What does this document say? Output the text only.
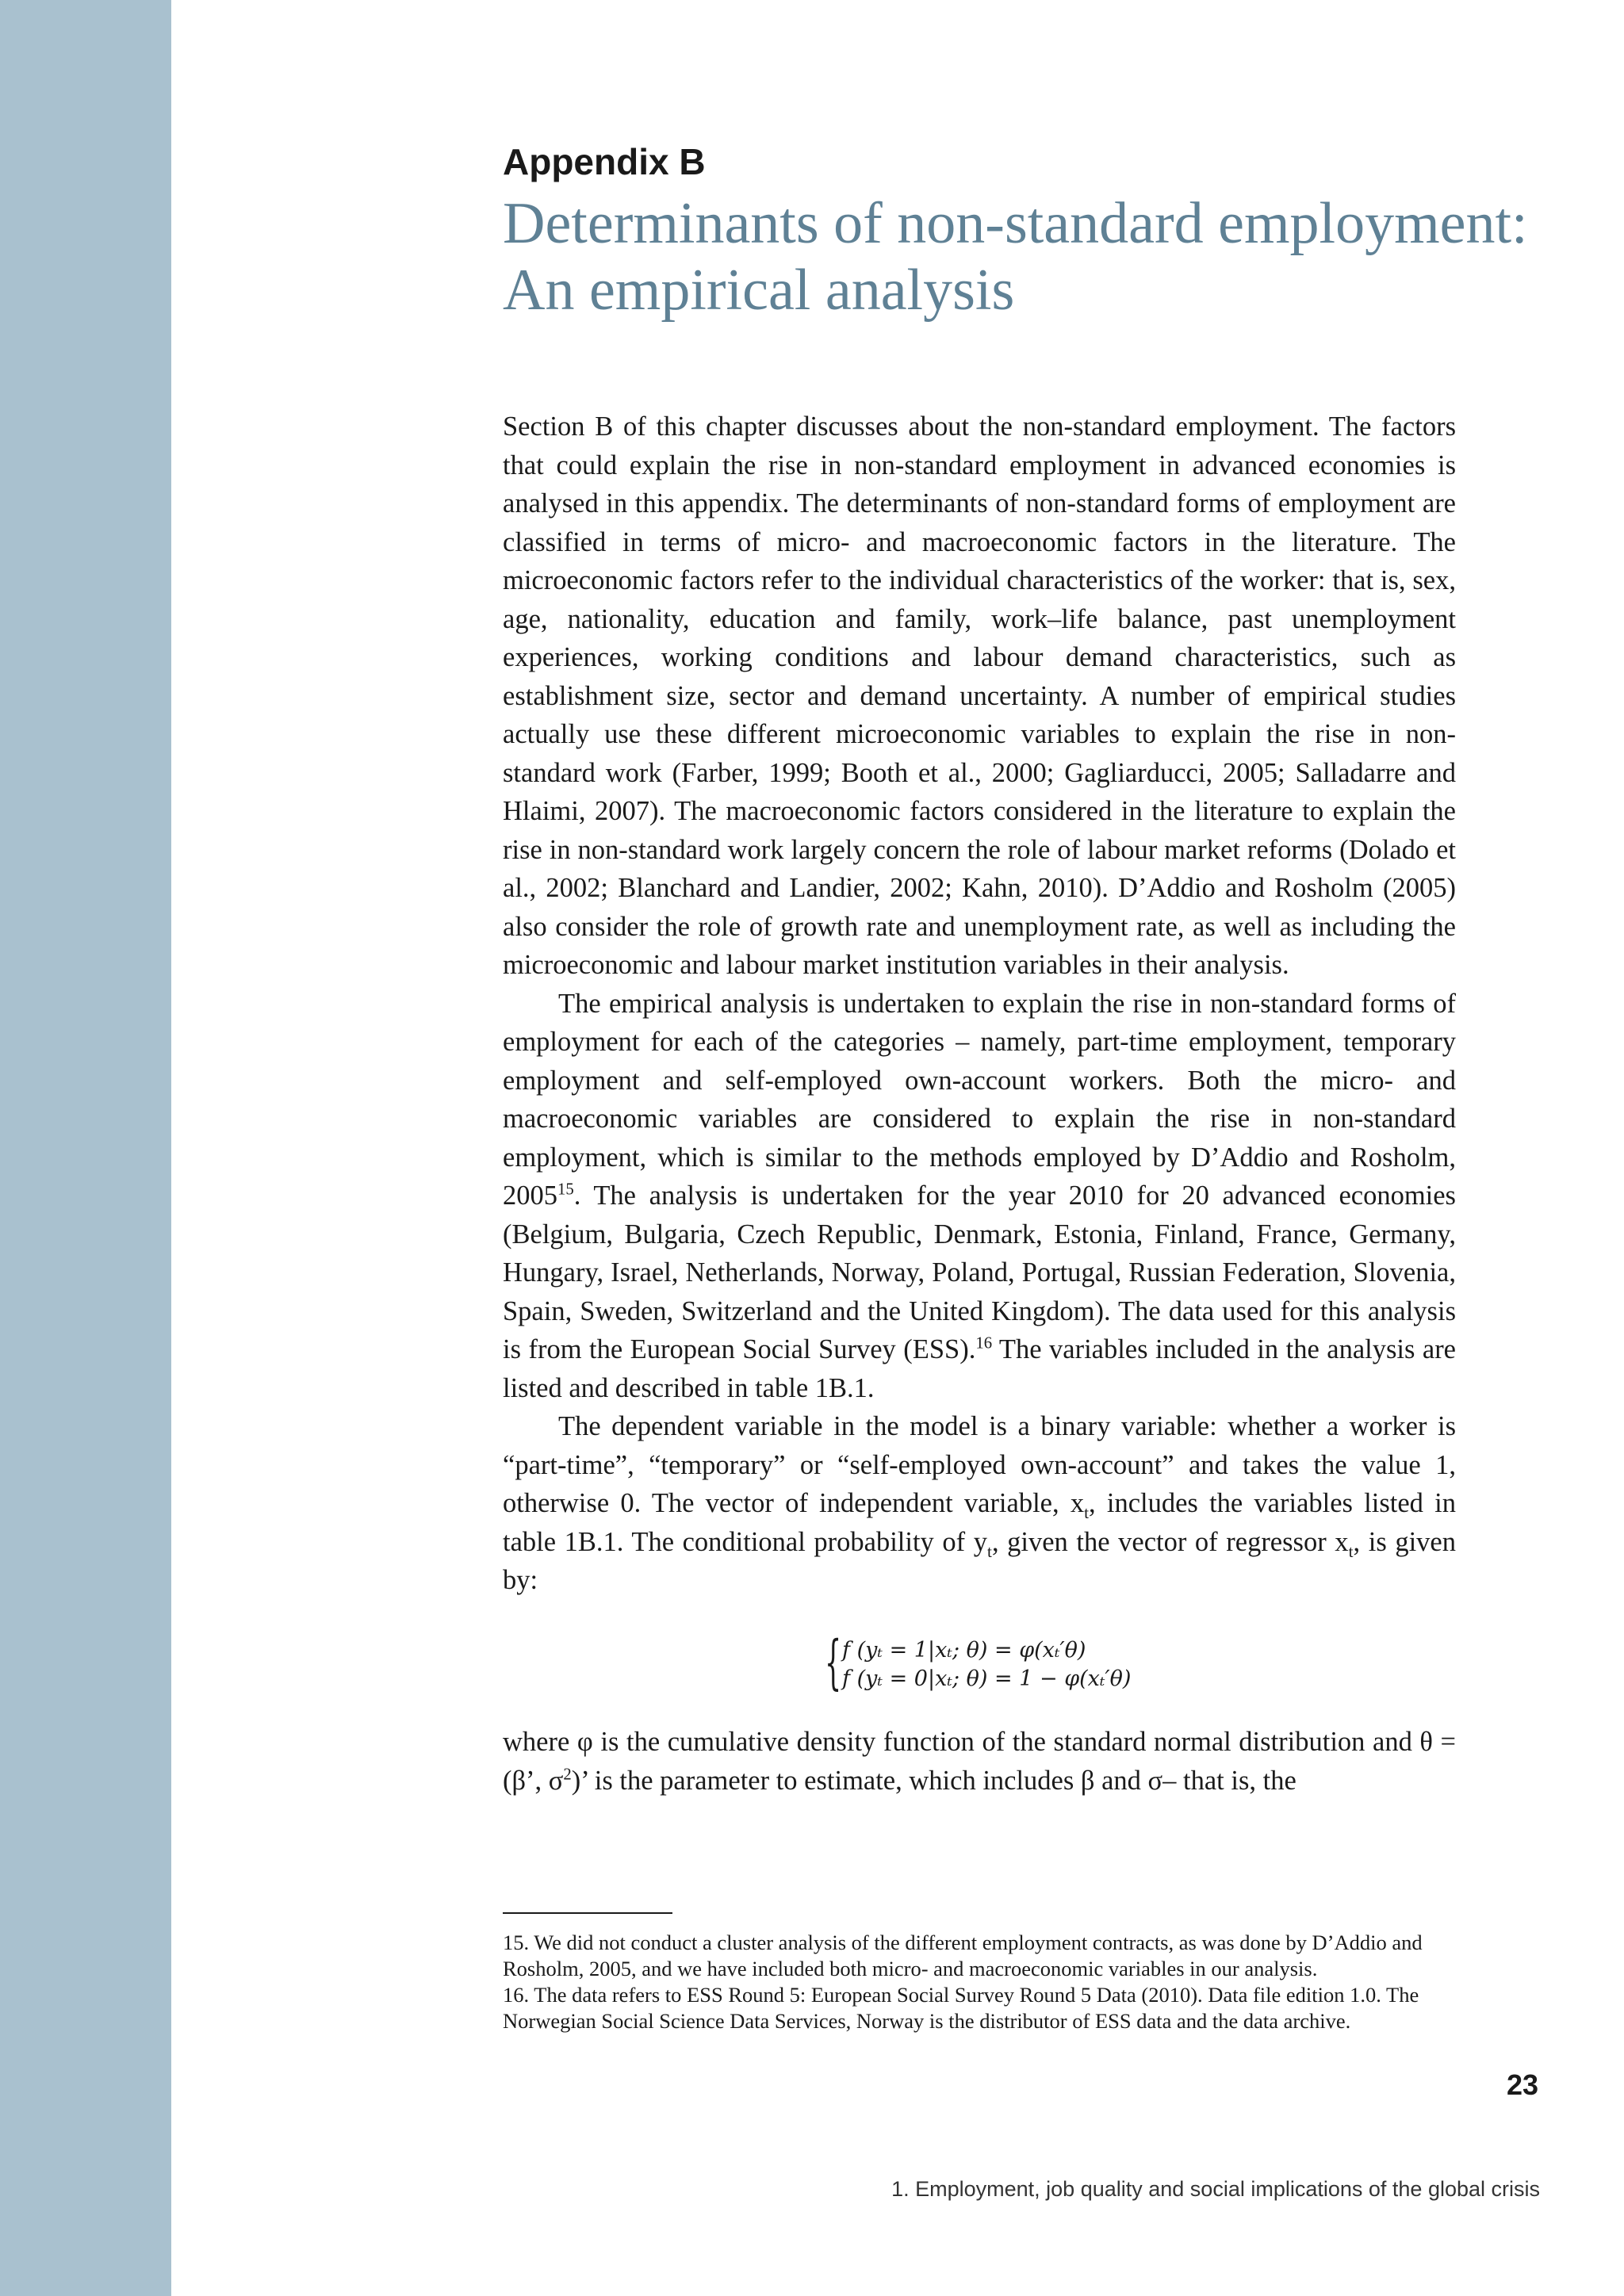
Appendix B
Determinants of non-standard employment:
An empirical analysis

Section B of this chapter discusses about the non-standard employment. The factors that could explain the rise in non-standard employment in advanced economies is analysed in this appendix. The determinants of non-standard forms of employment are classified in terms of micro- and macroeconomic factors in the literature. The microeconomic factors refer to the individual characteristics of the worker: that is, sex, age, nationality, education and family, work–life balance, past unemployment experiences, working conditions and labour demand characteristics, such as establishment size, sector and demand uncertainty. A number of empirical studies actually use these different microeconomic variables to explain the rise in non-standard work (Farber, 1999; Booth et al., 2000; Gagliarducci, 2005; Salladarre and Hlaimi, 2007). The macroeconomic factors considered in the literature to explain the rise in non-standard work largely concern the role of labour market reforms (Dolado et al., 2002; Blanchard and Landier, 2002; Kahn, 2010). D’Addio and Rosholm (2005) also consider the role of growth rate and unemployment rate, as well as including the microeconomic and labour market institution variables in their analysis.

The empirical analysis is undertaken to explain the rise in non-standard forms of employment for each of the categories – namely, part-time employment, temporary employment and self-employed own-account workers. Both the micro- and macroeconomic variables are considered to explain the rise in non-standard employment, which is similar to the methods employed by D’Addio and Rosholm, 2005$^{15}$. The analysis is undertaken for the year 2010 for 20 advanced economies (Belgium, Bulgaria, Czech Republic, Denmark, Estonia, Finland, France, Germany, Hungary, Israel, Netherlands, Norway, Poland, Portugal, Russian Federation, Slovenia, Spain, Sweden, Switzerland and the United Kingdom). The data used for this analysis is from the European Social Survey (ESS).$^{16}$ The variables included in the analysis are listed and described in table 1B.1.

The dependent variable in the model is a binary variable: whether a worker is “part-time”, “temporary” or “self-employed own-account” and takes the value 1, otherwise 0. The vector of independent variable, $x_t$, includes the variables listed in table 1B.1. The conditional probability of $y_t$, given the vector of regressor $x_t$, is given by:

{ f (yₜ = 1|xₜ; θ) = φ(xₜ′θ)
f (yₜ = 0|xₜ; θ) = 1 − φ(xₜ′θ)

where φ is the cumulative density function of the standard normal distribution and θ = (β’, $\sigma^2$)’ is the parameter to estimate, which includes β and σ– that is, the

15. We did not conduct a cluster analysis of the different employment contracts, as was done by D’Addio and Rosholm, 2005, and we have included both micro- and macroeconomic variables in our analysis.

16. The data refers to ESS Round 5: European Social Survey Round 5 Data (2010). Data file edition 1.0. The Norwegian Social Science Data Services, Norway is the distributor of ESS data and the data archive.

23
1. Employment, job quality and social implications of the global crisis
